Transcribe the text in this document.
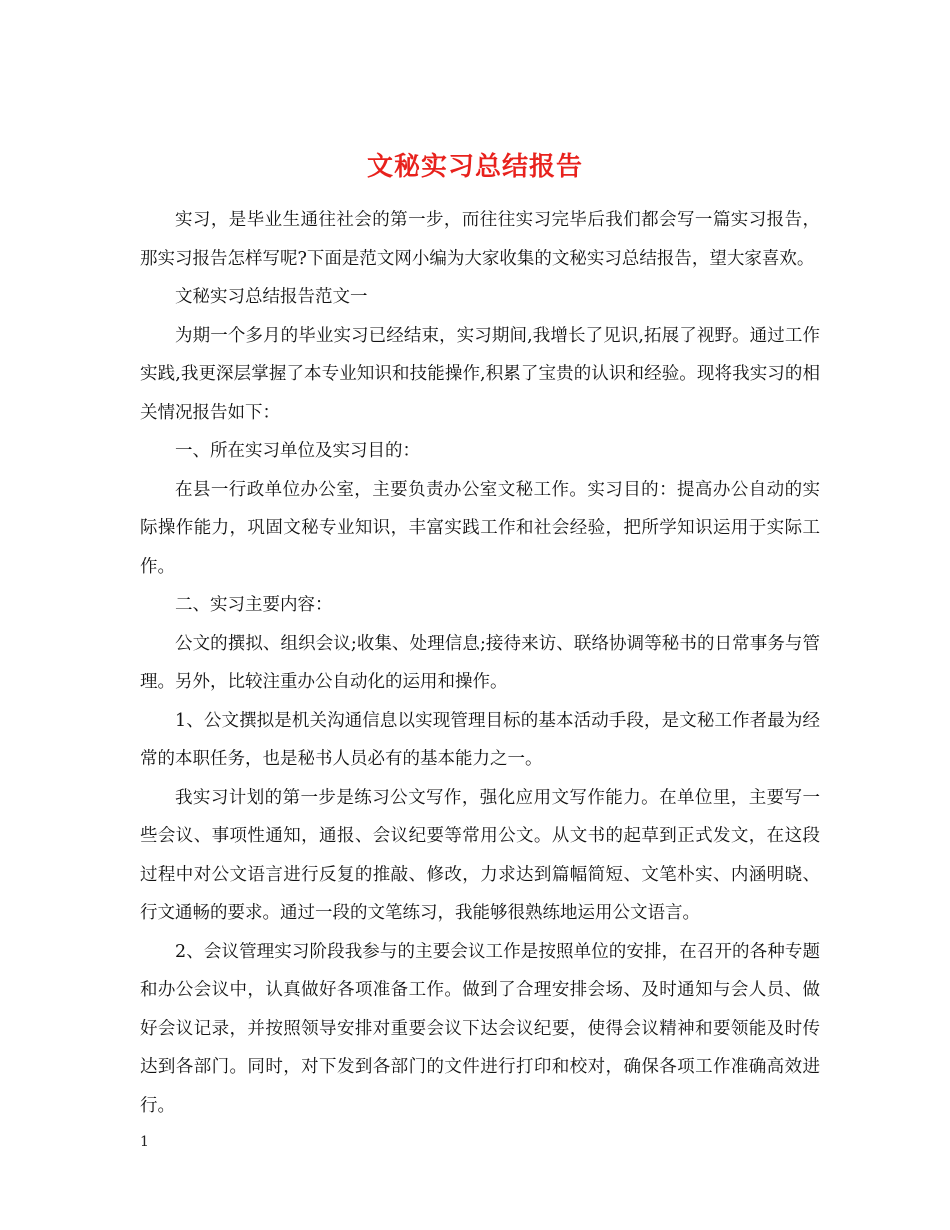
文秘实习总结报告

实习，是毕业生通往社会的第一步，而往往实习完毕后我们都会写一篇实习报告，那实习报告怎样写呢?下面是范文网小编为大家收集的文秘实习总结报告，望大家喜欢。

文秘实习总结报告范文一

为期一个多月的毕业实习已经结束，实习期间,我增长了见识,拓展了视野。通过工作实践,我更深层掌握了本专业知识和技能操作,积累了宝贵的认识和经验。现将我实习的相关情况报告如下：

一、所在实习单位及实习目的：

在县一行政单位办公室，主要负责办公室文秘工作。实习目的：提高办公自动的实际操作能力，巩固文秘专业知识，丰富实践工作和社会经验，把所学知识运用于实际工作。

二、实习主要内容：

公文的撰拟、组织会议;收集、处理信息;接待来访、联络协调等秘书的日常事务与管理。另外，比较注重办公自动化的运用和操作。

1、公文撰拟是机关沟通信息以实现管理目标的基本活动手段，是文秘工作者最为经常的本职任务，也是秘书人员必有的基本能力之一。

我实习计划的第一步是练习公文写作，强化应用文写作能力。在单位里，主要写一些会议、事项性通知，通报、会议纪要等常用公文。从文书的起草到正式发文，在这段过程中对公文语言进行反复的推敲、修改，力求达到篇幅简短、文笔朴实、内涵明晓、行文通畅的要求。通过一段的文笔练习，我能够很熟练地运用公文语言。

2、会议管理实习阶段我参与的主要会议工作是按照单位的安排，在召开的各种专题和办公会议中，认真做好各项准备工作。做到了合理安排会场、及时通知与会人员、做好会议记录，并按照领导安排对重要会议下达会议纪要，使得会议精神和要领能及时传达到各部门。同时，对下发到各部门的文件进行打印和校对，确保各项工作准确高效进行。

1
